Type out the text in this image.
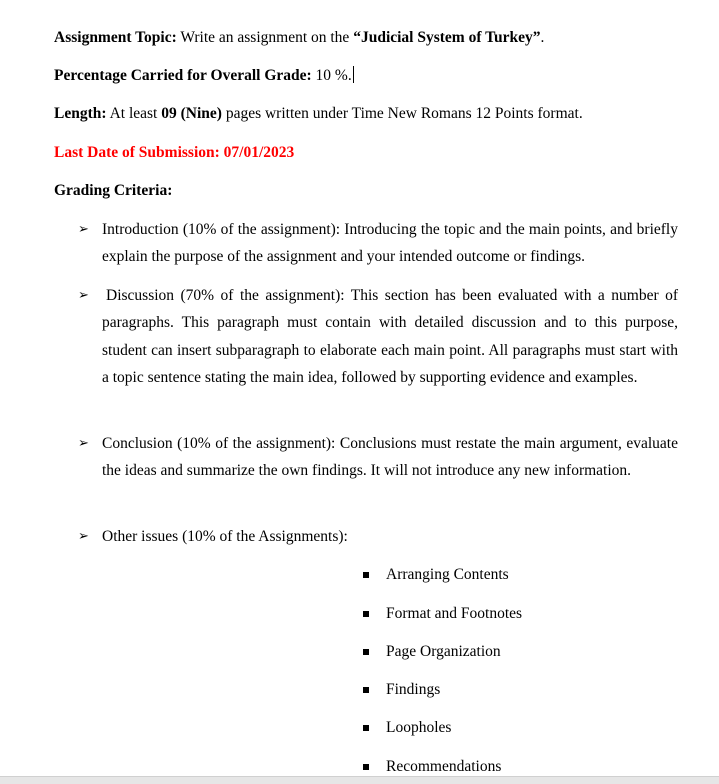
Assignment Topic: Write an assignment on the “Judicial System of Turkey”.
Percentage Carried for Overall Grade: 10 %.
Length: At least 09 (Nine) pages written under Time New Romans 12 Points format.
Last Date of Submission: 07/01/2023
Grading Criteria:
➢ Introduction (10% of the assignment): Introducing the topic and the main points, and briefly explain the purpose of the assignment and your intended outcome or findings.
➢ Discussion (70% of the assignment): This section has been evaluated with a number of paragraphs. This paragraph must contain with detailed discussion and to this purpose, student can insert subparagraph to elaborate each main point. All paragraphs must start with a topic sentence stating the main idea, followed by supporting evidence and examples.
➢ Conclusion (10% of the assignment): Conclusions must restate the main argument, evaluate the ideas and summarize the own findings. It will not introduce any new information.
➢ Other issues (10% of the Assignments):
Arranging Contents
Format and Footnotes
Page Organization
Findings
Loopholes
Recommendations
